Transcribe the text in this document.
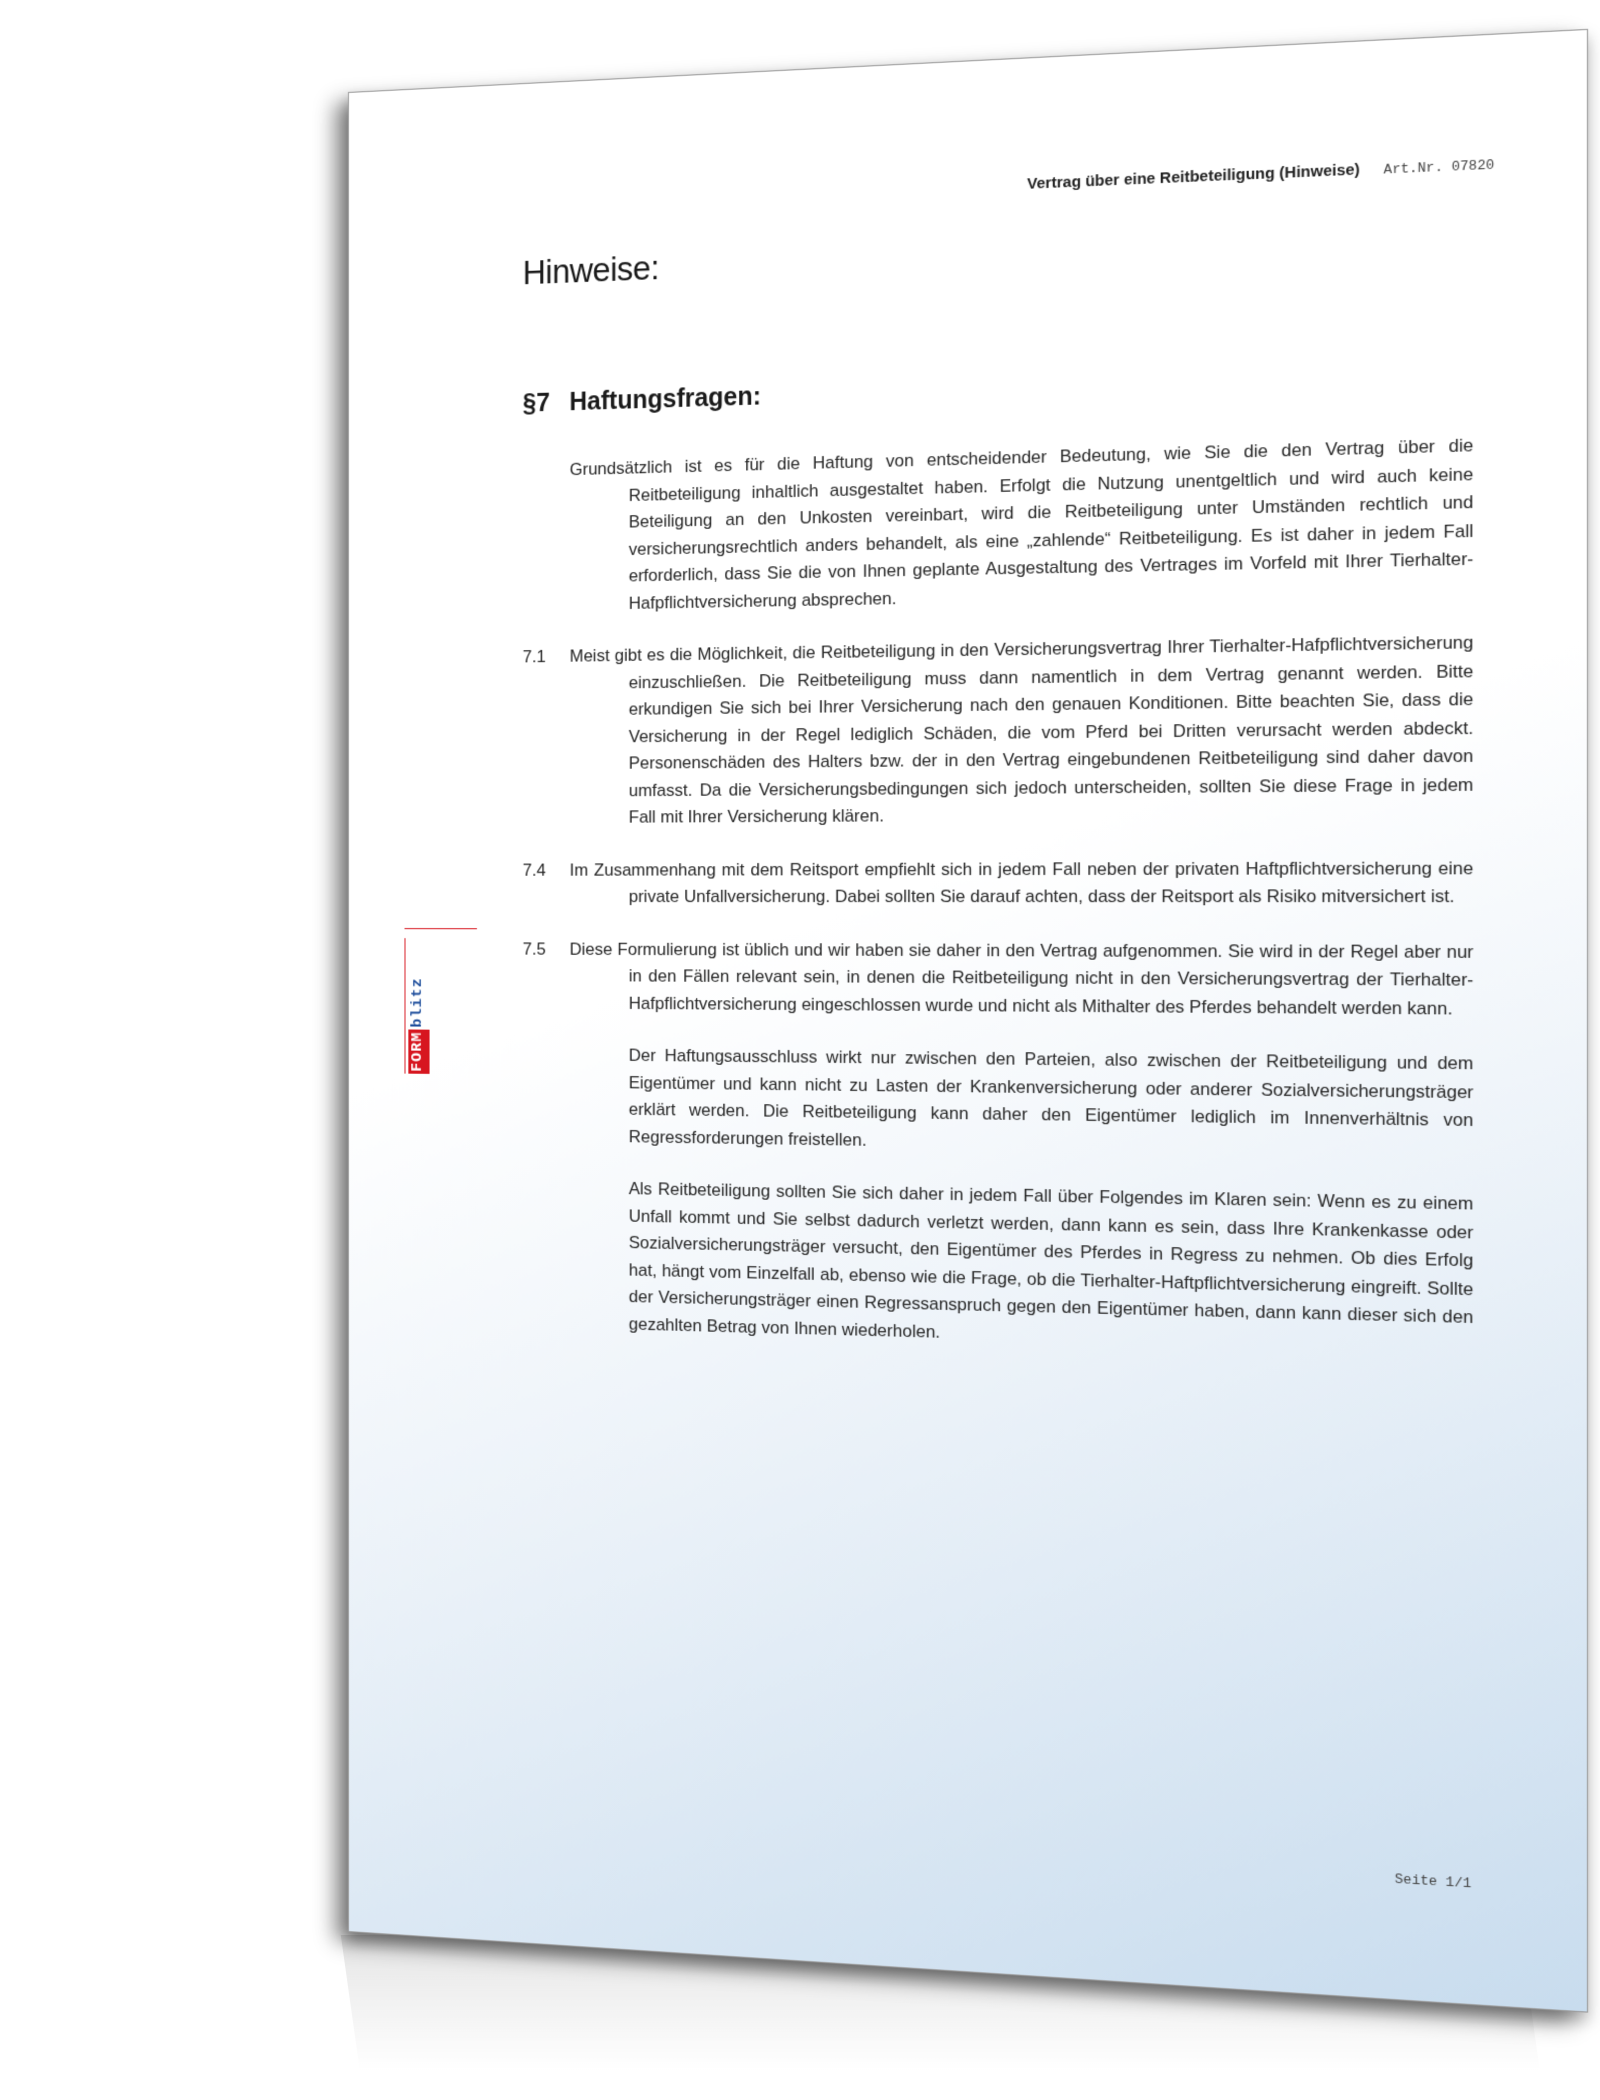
FORM
blitz
Vertrag über eine Reitbeteiligung (Hinweise) Art.Nr. 07820
Hinweise:
§7 Haftungsfragen:
Grundsätzlich ist es für die Haftung von entscheidender Bedeutung, wie Sie die den Vertrag über die Reitbeteiligung inhaltlich ausgestaltet haben. Erfolgt die Nutzung unentgeltlich und wird auch keine Beteiligung an den Unkosten vereinbart, wird die Reitbeteiligung unter Umständen rechtlich und versicherungsrechtlich anders behandelt, als eine „zahlende“ Reitbeteiligung. Es ist daher in jedem Fall erforderlich, dass Sie die von Ihnen geplante Ausgestaltung des Vertrages im Vorfeld mit Ihrer Tierhalter-Hafpflichtversicherung absprechen.
7.1 Meist gibt es die Möglichkeit, die Reitbeteiligung in den Versicherungsvertrag Ihrer Tierhalter-Hafpflichtversicherung einzuschließen. Die Reitbeteiligung muss dann namentlich in dem Vertrag genannt werden. Bitte erkundigen Sie sich bei Ihrer Versicherung nach den genauen Konditionen. Bitte beachten Sie, dass die Versicherung in der Regel lediglich Schäden, die vom Pferd bei Dritten verursacht werden abdeckt. Personenschäden des Halters bzw. der in den Vertrag eingebundenen Reitbeteiligung sind daher davon umfasst. Da die Versicherungsbedingungen sich jedoch unterscheiden, sollten Sie diese Frage in jedem Fall mit Ihrer Versicherung klären.
7.4 Im Zusammenhang mit dem Reitsport empfiehlt sich in jedem Fall neben der privaten Haftpflichtversicherung eine private Unfallversicherung. Dabei sollten Sie darauf achten, dass der Reitsport als Risiko mitversichert ist.
7.5 Diese Formulierung ist üblich und wir haben sie daher in den Vertrag aufgenommen. Sie wird in der Regel aber nur in den Fällen relevant sein, in denen die Reitbeteiligung nicht in den Versicherungsvertrag der Tierhalter-Hafpflichtversicherung eingeschlossen wurde und nicht als Mithalter des Pferdes behandelt werden kann.
Der Haftungsausschluss wirkt nur zwischen den Parteien, also zwischen der Reitbeteiligung und dem Eigentümer und kann nicht zu Lasten der Krankenversicherung oder anderer Sozialversicherungsträger erklärt werden. Die Reitbeteiligung kann daher den Eigentümer lediglich im Innenverhältnis von Regressforderungen freistellen.
Als Reitbeteiligung sollten Sie sich daher in jedem Fall über Folgendes im Klaren sein: Wenn es zu einem Unfall kommt und Sie selbst dadurch verletzt werden, dann kann es sein, dass Ihre Krankenkasse oder Sozialversicherungsträger versucht, den Eigentümer des Pferdes in Regress zu nehmen. Ob dies Erfolg hat, hängt vom Einzelfall ab, ebenso wie die Frage, ob die Tierhalter-Haftpflichtversicherung eingreift. Sollte der Versicherungsträger einen Regressanspruch gegen den Eigentümer haben, dann kann dieser sich den gezahlten Betrag von Ihnen wiederholen.
Seite 1/1
